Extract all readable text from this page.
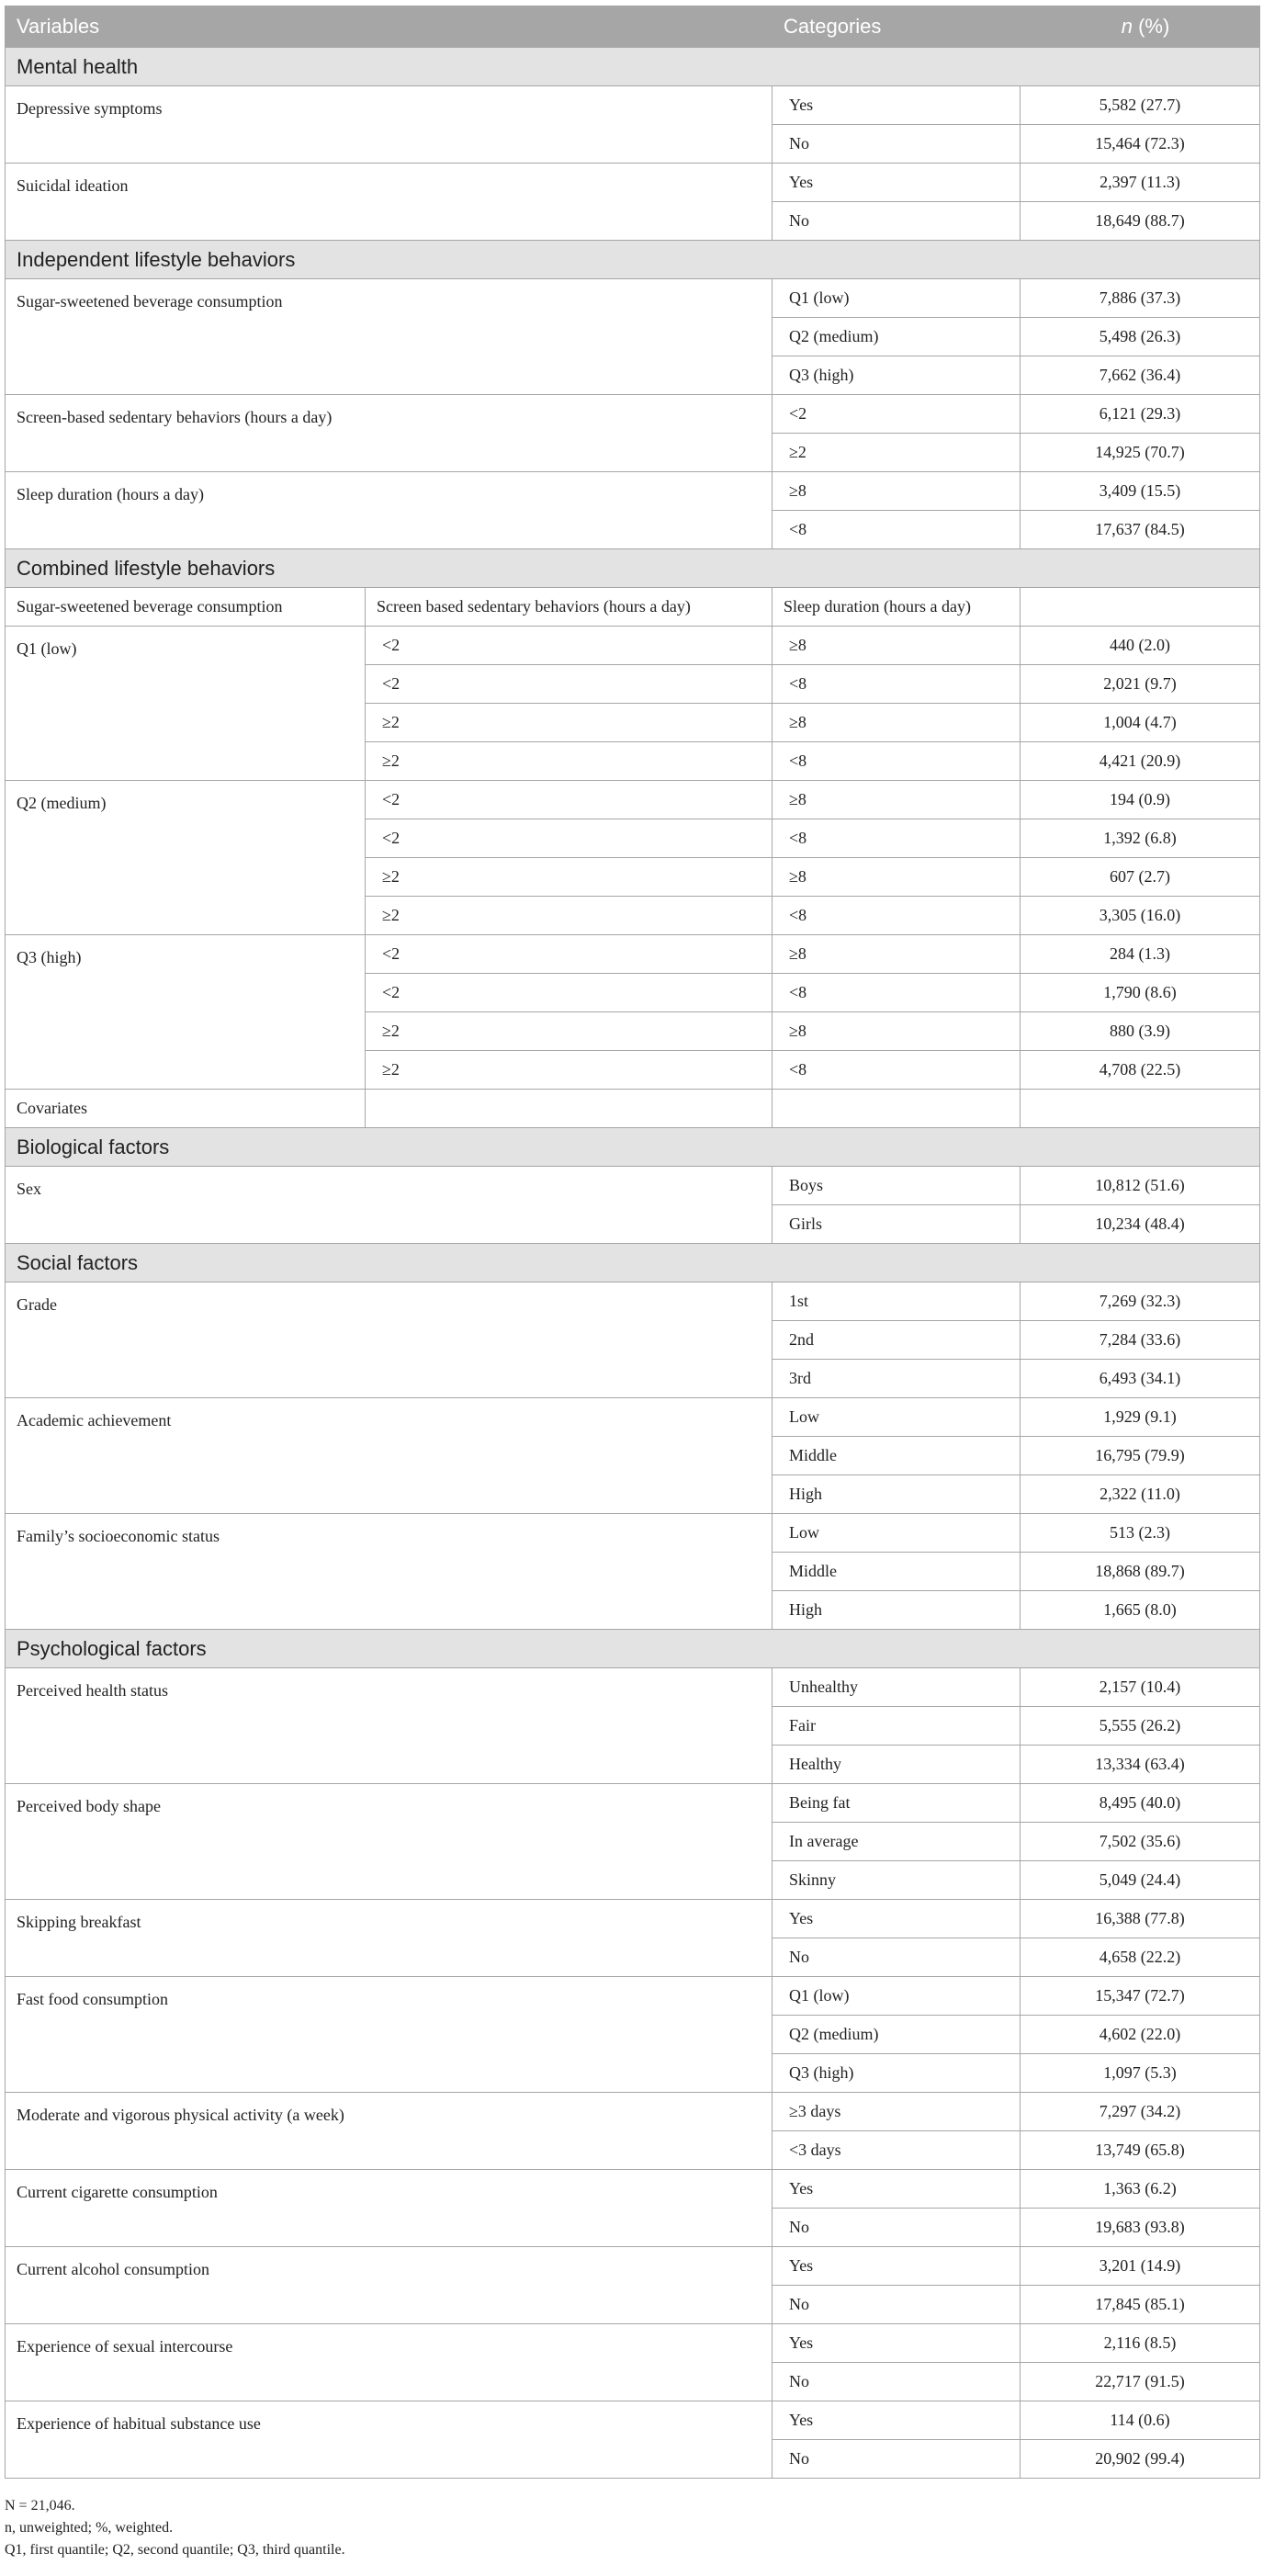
Variables		Categories	n (%)
Mental health			
Depressive symptoms		Yes	5,582 (27.7)
		No	15,464 (72.3)
Suicidal ideation		Yes	2,397 (11.3)
		No	18,649 (88.7)
Independent lifestyle behaviors			
Sugar-sweetened beverage consumption		Q1 (low)	7,886 (37.3)
		Q2 (medium)	5,498 (26.3)
		Q3 (high)	7,662 (36.4)
Screen-based sedentary behaviors (hours a day)		<2	6,121 (29.3)
		≥2	14,925 (70.7)
Sleep duration (hours a day)		≥8	3,409 (15.5)
		<8	17,637 (84.5)
Combined lifestyle behaviors			
Sugar-sweetened beverage consumption	Screen based sedentary behaviors (hours a day)	Sleep duration (hours a day)	
Q1 (low)	<2	≥8	440 (2.0)
	<2	<8	2,021 (9.7)
	≥2	≥8	1,004 (4.7)
	≥2	<8	4,421 (20.9)
Q2 (medium)	<2	≥8	194 (0.9)
	<2	<8	1,392 (6.8)
	≥2	≥8	607 (2.7)
	≥2	<8	3,305 (16.0)
Q3 (high)	<2	≥8	284 (1.3)
	<2	<8	1,790 (8.6)
	≥2	≥8	880 (3.9)
	≥2	<8	4,708 (22.5)
Covariates			
Biological factors			
Sex		Boys	10,812 (51.6)
		Girls	10,234 (48.4)
Social factors			
Grade		1st	7,269 (32.3)
		2nd	7,284 (33.6)
		3rd	6,493 (34.1)
Academic achievement		Low	1,929 (9.1)
		Middle	16,795 (79.9)
		High	2,322 (11.0)
Family’s socioeconomic status		Low	513 (2.3)
		Middle	18,868 (89.7)
		High	1,665 (8.0)
Psychological factors			
Perceived health status		Unhealthy	2,157 (10.4)
		Fair	5,555 (26.2)
		Healthy	13,334 (63.4)
Perceived body shape		Being fat	8,495 (40.0)
		In average	7,502 (35.6)
		Skinny	5,049 (24.4)
Skipping breakfast		Yes	16,388 (77.8)
		No	4,658 (22.2)
Fast food consumption		Q1 (low)	15,347 (72.7)
		Q2 (medium)	4,602 (22.0)
		Q3 (high)	1,097 (5.3)
Moderate and vigorous physical activity (a week)		≥3 days	7,297 (34.2)
		<3 days	13,749 (65.8)
Current cigarette consumption		Yes	1,363 (6.2)
		No	19,683 (93.8)
Current alcohol consumption		Yes	3,201 (14.9)
		No	17,845 (85.1)
Experience of sexual intercourse		Yes	2,116 (8.5)
		No	22,717 (91.5)
Experience of habitual substance use		Yes	114 (0.6)
		No	20,902 (99.4)
N = 21,046.
n, unweighted; %, weighted.
Q1, first quantile; Q2, second quantile; Q3, third quantile.
